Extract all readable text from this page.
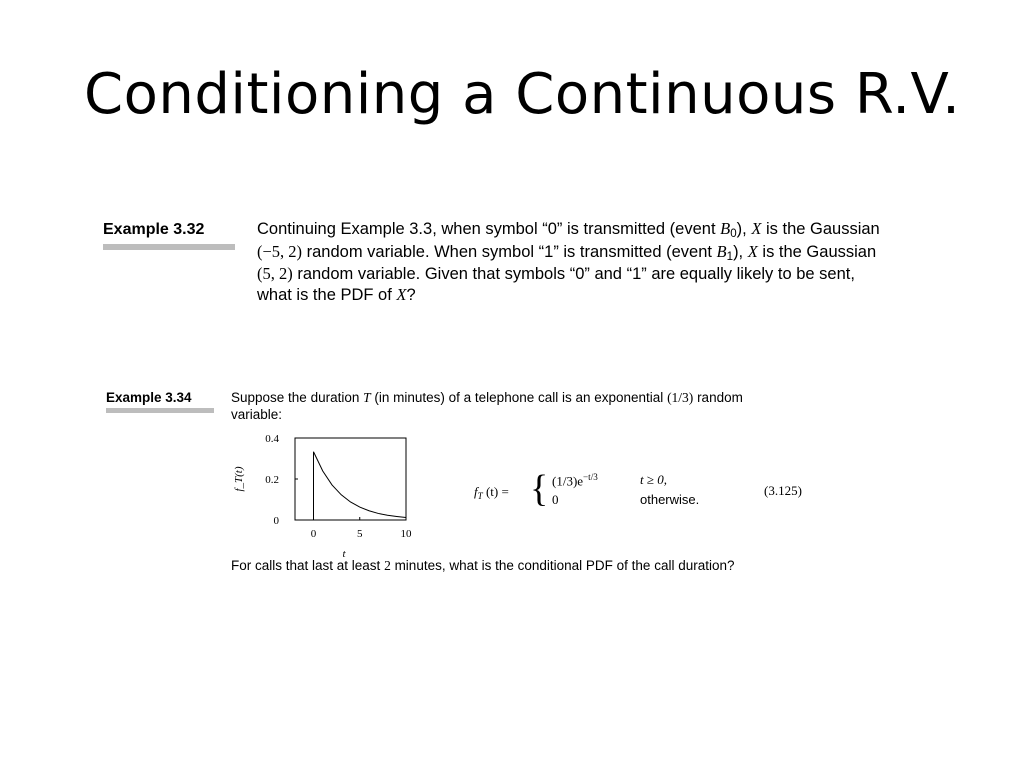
Conditioning a Continuous R.V.
Example 3.32	Continuing Example 3.3, when symbol “0” is transmitted (event $B_0$), X is the Gaussian
(−5, 2) random variable. When symbol “1” is transmitted (event $B_1$), X is the Gaussian
(5, 2) random variable. Given that symbols “0” and “1” are equally likely to be sent,
what is the PDF of X?
Example 3.34	Suppose the duration T (in minutes) of a telephone call is an exponential (1/3) random
variable:
0	5	10
0
0.2
0.4
t
f_T(t)	$f_T$ (t) = { $(1/3)e^{-t/3}$	t ≥ 0,
0	otherwise.
(3.125)
For calls that last at least 2 minutes, what is the conditional PDF of the call duration?
